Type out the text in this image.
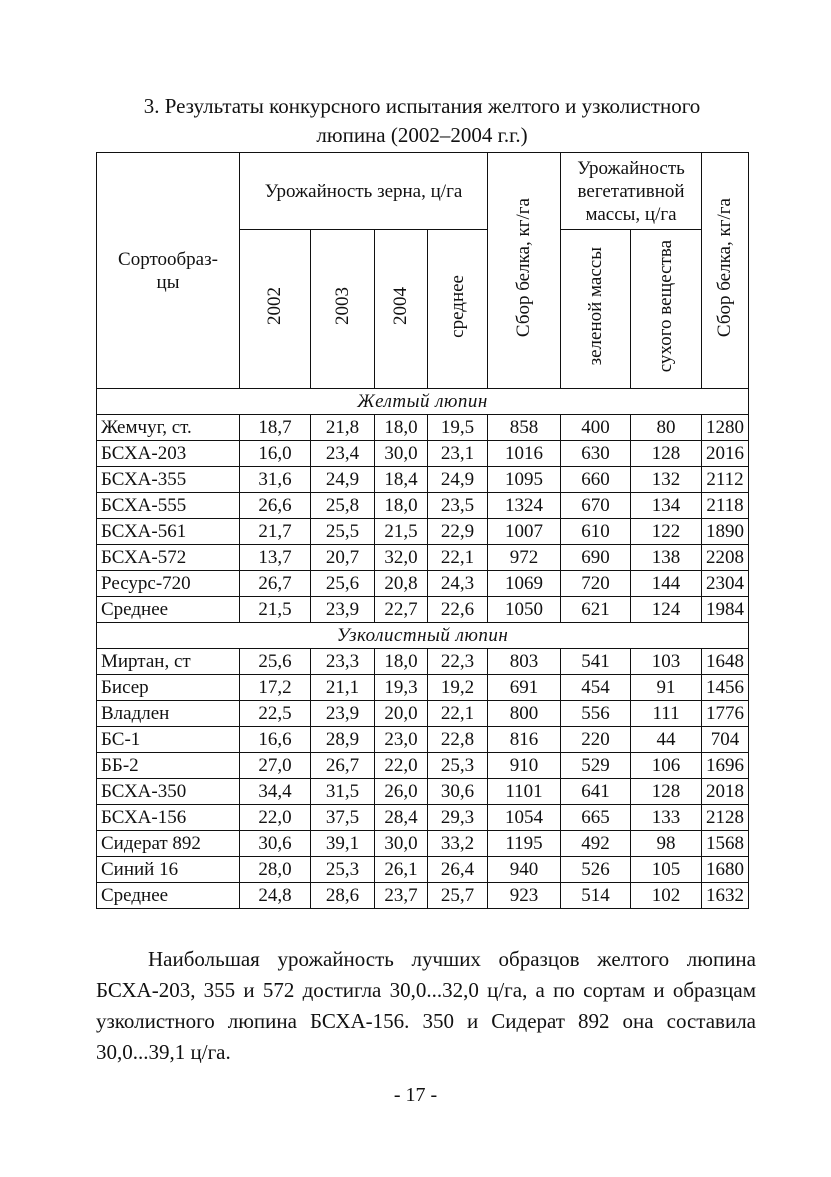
3. Результаты конкурсного испытания желтого и узколистного
люпина (2002–2004 г.г.)
Сортообраз-
цы	Урожайность зерна, ц/га				Сбор белка, кг/га	Урожайность вегетативной массы, ц/га		Сбор белка, кг/га
	2002	2003	2004	среднее		зеленой массы	сухого вещества	
Желтый люпин								
Жемчуг, ст.	18,7	21,8	18,0	19,5	858	400	80	1280
БСХА-203	16,0	23,4	30,0	23,1	1016	630	128	2016
БСХА-355	31,6	24,9	18,4	24,9	1095	660	132	2112
БСХА-555	26,6	25,8	18,0	23,5	1324	670	134	2118
БСХА-561	21,7	25,5	21,5	22,9	1007	610	122	1890
БСХА-572	13,7	20,7	32,0	22,1	972	690	138	2208
Ресурс-720	26,7	25,6	20,8	24,3	1069	720	144	2304
Среднее	21,5	23,9	22,7	22,6	1050	621	124	1984
Узколистный люпин								
Миртан, ст	25,6	23,3	18,0	22,3	803	541	103	1648
Бисер	17,2	21,1	19,3	19,2	691	454	91	1456
Владлен	22,5	23,9	20,0	22,1	800	556	111	1776
БС-1	16,6	28,9	23,0	22,8	816	220	44	704
ББ-2	27,0	26,7	22,0	25,3	910	529	106	1696
БСХА-350	34,4	31,5	26,0	30,6	1101	641	128	2018
БСХА-156	22,0	37,5	28,4	29,3	1054	665	133	2128
Сидерат 892	30,6	39,1	30,0	33,2	1195	492	98	1568
Синий 16	28,0	25,3	26,1	26,4	940	526	105	1680
Среднее	24,8	28,6	23,7	25,7	923	514	102	1632
Наибольшая урожайность лучших образцов желтого люпина БСХА-203, 355 и 572 достигла 30,0...32,0 ц/га, а по сортам и образцам узколистного люпина БСХА-156. 350 и Сидерат 892 она составила 30,0...39,1 ц/га.
- 17 -
